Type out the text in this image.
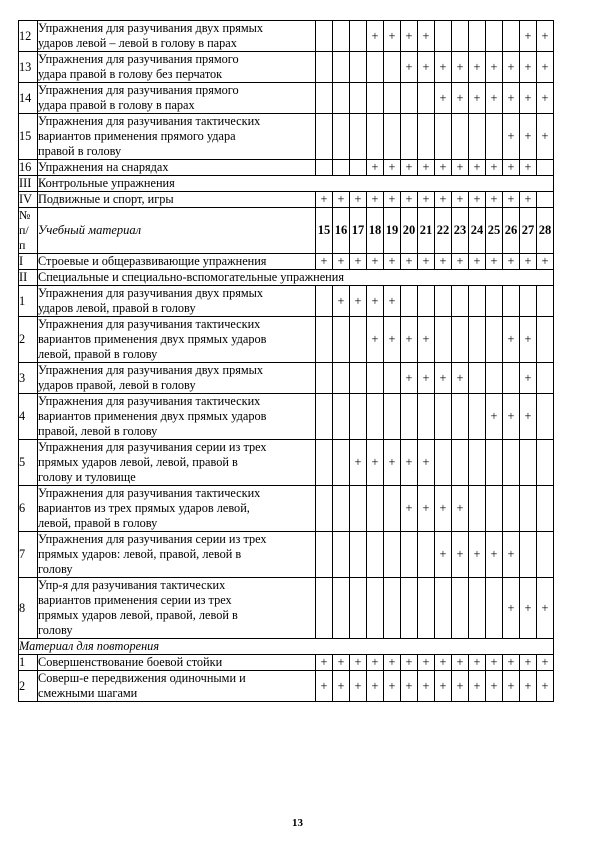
12	Упражнения для разучивания двух прямых
ударов левой – левой в голову в парах				+	+	+	+						+	+
13	Упражнения для разучивания прямого
удара правой в голову без перчаток						+	+	+	+	+	+	+	+	+
14	Упражнения для разучивания прямого
удара правой в голову в парах								+	+	+	+	+	+	+
15	Упражнения для разучивания тактических
вариантов применения прямого удара
правой в голову												+	+	+
16	Упражнения на снарядах				+	+	+	+	+	+	+	+	+	+	
III	Контрольные упражнения														
IV	Подвижные и спорт, игры	+	+	+	+	+	+	+	+	+	+	+	+	+	

№
п/
п	Учебный материал	15	16	17	18	19	20	21	22	23	24	25	26	27	28
I	Строевые и общеразвивающие упражнения	+	+	+	+	+	+	+	+	+	+	+	+	+	+
II	Специальные и специально-вспомогательные упражнения														
1	Упражнения для разучивания двух прямых
ударов левой, правой в голову		+	+	+	+									
2	Упражнения для разучивания тактических
вариантов применения двух прямых ударов
левой, правой в голову				+	+	+	+					+	+	
3	Упражнения для разучивания двух прямых
ударов правой, левой в голову						+	+	+	+				+	
4	Упражнения для разучивания тактических
вариантов применения двух прямых ударов
правой, левой в голову											+	+	+	
5	Упражнения для разучивания серии из трех
прямых ударов левой, левой, правой в
голову и туловище			+	+	+	+	+							
6	Упражнения для разучивания тактических
вариантов из трех прямых ударов левой,
левой, правой в голову						+	+	+	+					
7	Упражнения для разучивания серии из трех
прямых ударов: левой, правой, левой в
голову								+	+	+	+	+		
8	Упр-я для разучивания тактических
вариантов применения серии из трех
прямых ударов левой, правой, левой в
голову												+	+	+
Материал для повторения															
1	Совершенствование боевой стойки	+	+	+	+	+	+	+	+	+	+	+	+	+	+
2	Соверш-е передвижения одиночными и
смежными шагами	+	+	+	+	+	+	+	+	+	+	+	+	+	+
13
